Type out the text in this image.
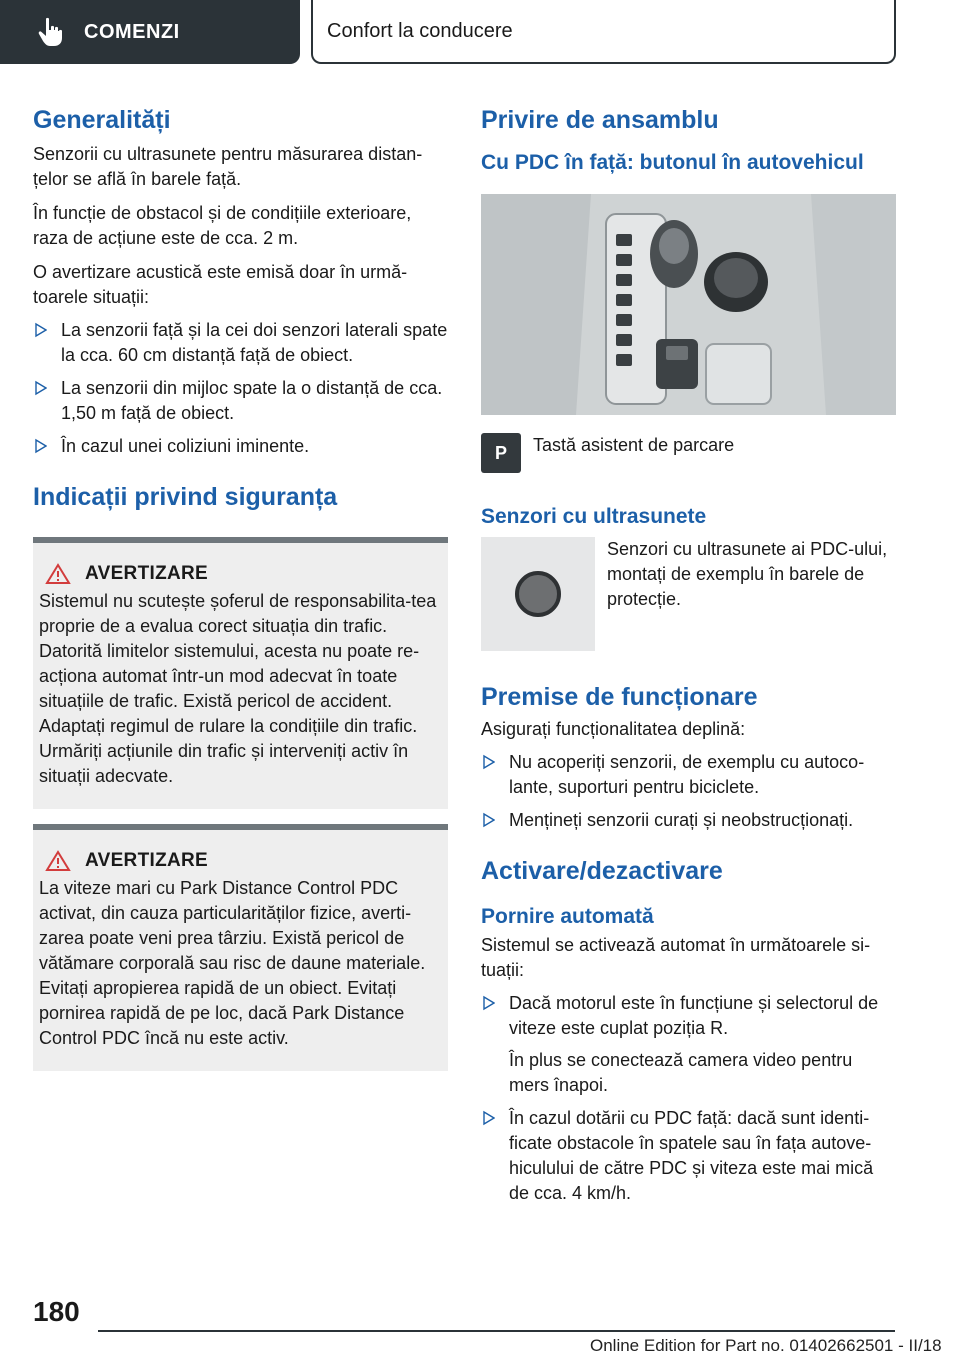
COMENZI	Confort la conducere
Generalități

Senzorii cu ultrasunete pentru măsurarea distan-țelor se află în barele față.

În funcție de obstacol și de condițiile exterioare, raza de acțiune este de cca. 2 m.

O avertizare acustică este emisă doar în urmă-toarele situații:

La senzorii față și la cei doi senzori laterali spate la cca. 60 cm distanță față de obiect.
La senzorii din mijloc spate la o distanță de cca. 1,50 m față de obiect.
În cazul unei coliziuni iminente.
Indicații privind siguranța
AVERTIZARE

Sistemul nu scutește șoferul de responsabilita-tea proprie de a evalua corect situația din trafic. Datorită limitelor sistemului, acesta nu poate re-acționa automat într-un mod adecvat în toate situațiile de trafic. Există pericol de accident. Adaptați regimul de rulare la condițiile din trafic. Urmăriți acțiunile din trafic și interveniți activ în situații adecvate.

AVERTIZARE

La viteze mari cu Park Distance Control PDC activat, din cauza particularităților fizice, averti-zarea poate veni prea târziu. Există pericol de vătămare corporală sau risc de daune materiale. Evitați apropierea rapidă de un obiect. Evitați pornirea rapidă de pe loc, dacă Park Distance Control PDC încă nu este activ.

Privire de ansamblu
Cu PDC în față: butonul în autovehicul
P Tastă asistent de parcare

Senzori cu ultrasunete

Senzori cu ultrasunete ai PDC-ului, montați de exemplu în barele de protecție.

Premise de funcționare

Asigurați funcționalitatea deplină:

Nu acoperiți senzorii, de exemplu cu autoco-lante, suporturi pentru biciclete.
Mențineți senzorii curați și neobstrucționați.
Activare/dezactivare
Pornire automată

Sistemul se activează automat în următoarele si-tuații:

Dacă motorul este în funcțiune și selectorul de viteze este cuplat poziția R.
În plus se conectează camera video pentru mers înapoi.
În cazul dotării cu PDC față: dacă sunt identi-ficate obstacole în spatele sau în fața autove-hiculului de către PDC și viteza este mai mică de cca. 4 km/h.
180
Online Edition for Part no. 01402662501 - II/18
